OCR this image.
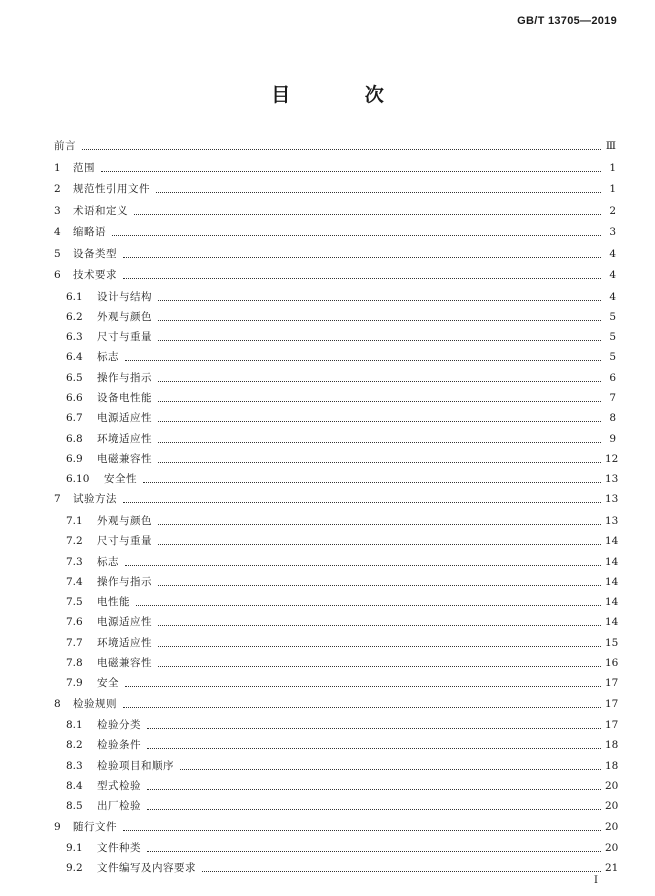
GB/T 13705—2019
目 次
前言	Ⅲ
1	范围	1
2	规范性引用文件	1
3	术语和定义	2
4	缩略语	3
5	设备类型	4
6	技术要求	4
6.1	设计与结构	4
6.2	外观与颜色	5
6.3	尺寸与重量	5
6.4	标志	5
6.5	操作与指示	6
6.6	设备电性能	7
6.7	电源适应性	8
6.8	环境适应性	9
6.9	电磁兼容性	12
6.10	安全性	13
7	试验方法	13
7.1	外观与颜色	13
7.2	尺寸与重量	14
7.3	标志	14
7.4	操作与指示	14
7.5	电性能	14
7.6	电源适应性	14
7.7	环境适应性	15
7.8	电磁兼容性	16
7.9	安全	17
8	检验规则	17
8.1	检验分类	17
8.2	检验条件	18
8.3	检验项目和顺序	18
8.4	型式检验	20
8.5	出厂检验	20
9	随行文件	20
9.1	文件种类	20
9.2	文件编写及内容要求	21
I
